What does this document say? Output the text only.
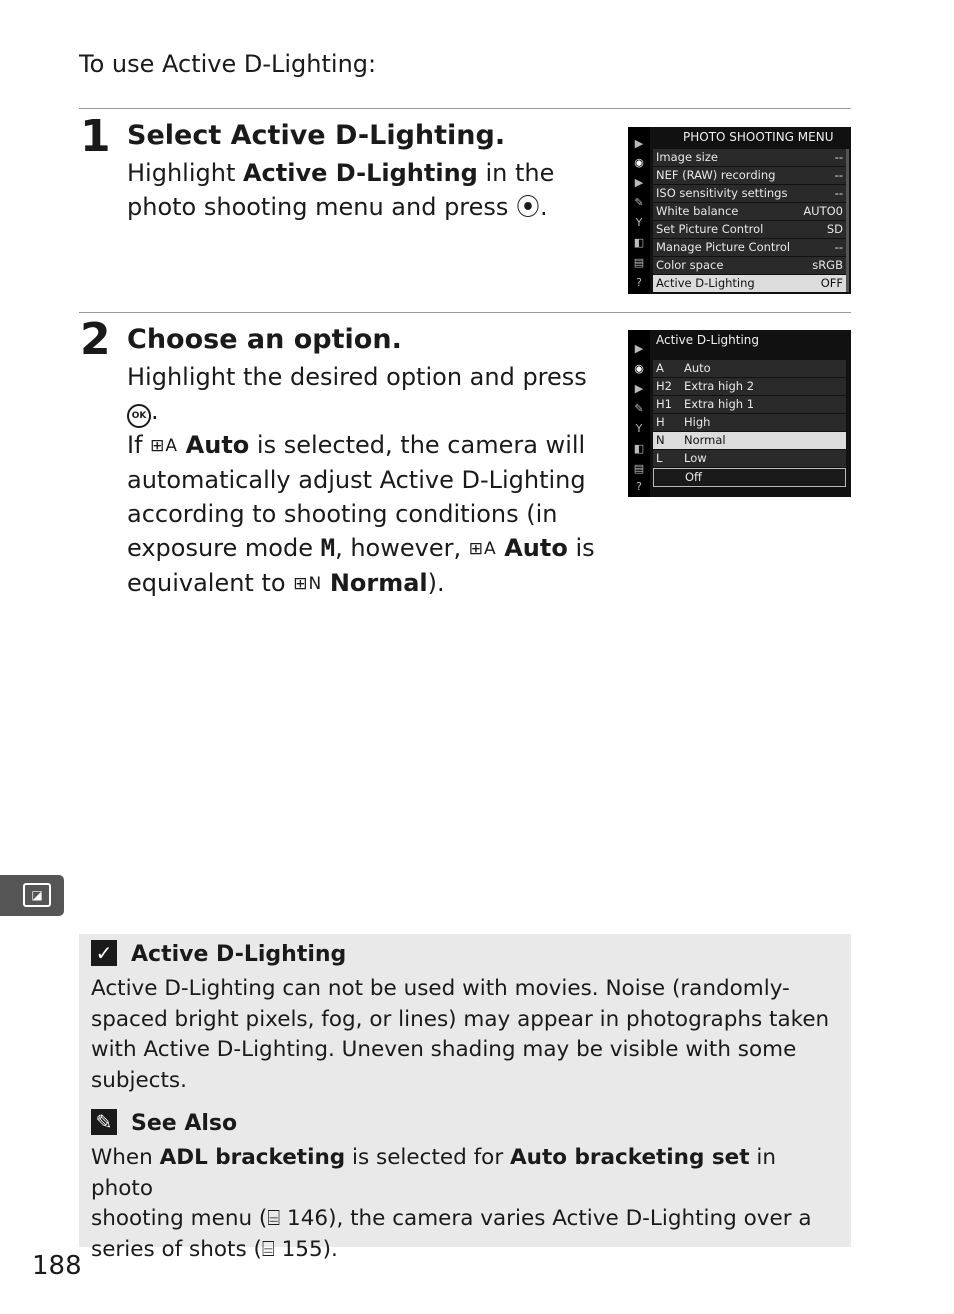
To use Active D-Lighting:
1 Select Active D-Lighting.
Highlight Active D-Lighting in the photo shooting menu and press ⦿.
▶
◉
▶
✎
Y
◧
▤
?
PHOTO SHOOTING MENU
Image size	--
NEF (RAW) recording	--
ISO sensitivity settings	--
White balance	AUTO0
Set Picture Control	SD
Manage Picture Control	--
Color space	sRGB
Active D-Lighting	OFF
2 Choose an option.
Highlight the desired option and press OK .
If ⊞A Auto is selected, the camera will
automatically adjust Active D-Lighting
according to shooting conditions (in
exposure mode M, however, ⊞A Auto is
equivalent to ⊞N Normal).
▶
◉
▶
✎
Y
◧
▤
?
Active D-Lighting
A Auto
H2 Extra high 2
H1 Extra high 1
H High
N Normal
L Low
Off
◪
✓ Active D-Lighting
Active D-Lighting can not be used with movies. Noise (randomly-
spaced bright pixels, fog, or lines) may appear in photographs taken
with Active D-Lighting. Uneven shading may be visible with some
subjects.
✎ See Also
When ADL bracketing is selected for Auto bracketing set in photo
shooting menu (⌸ 146), the camera varies Active D-Lighting over a
series of shots (⌸ 155).
188
